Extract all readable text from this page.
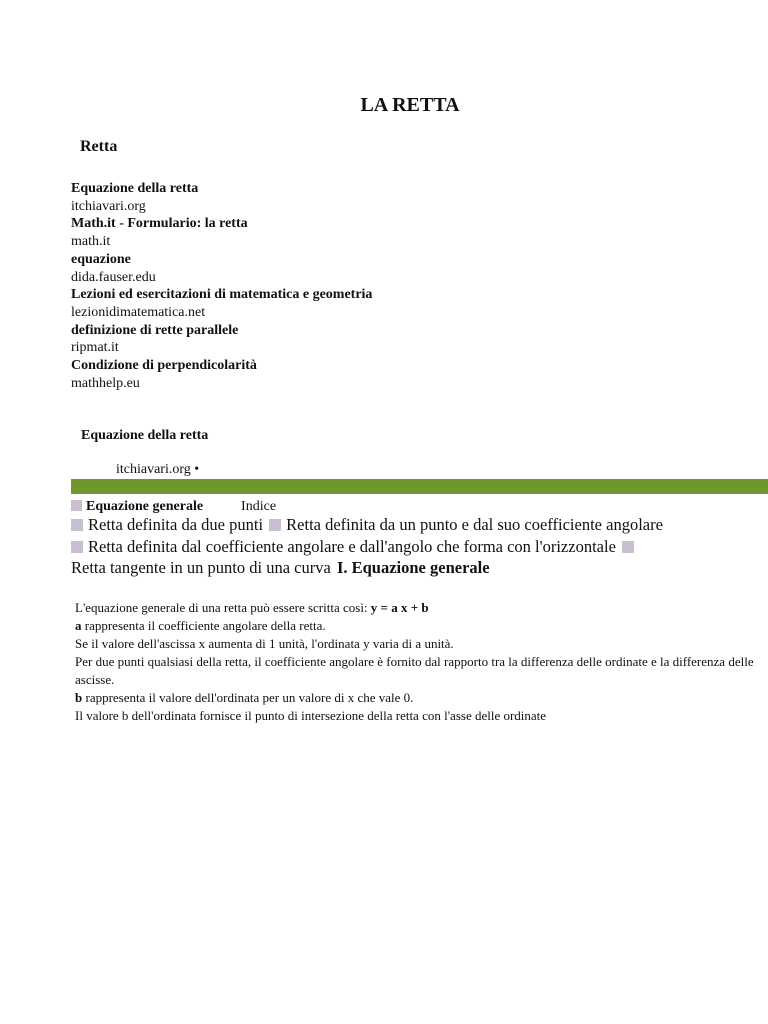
LA RETTA
Retta
Equazione della retta
itchiavari.org
Math.it - Formulario: la retta
math.it
equazione
dida.fauser.edu
Lezioni ed esercitazioni di matematica e geometria
lezionidimatematica.net
definizione di rette parallele
ripmat.it
Condizione di perpendicolarità
mathhelp.eu
Equazione della retta
itchiavari.org •
Equazione generale	Indice
Retta definita da due punti Retta definita da un punto e dal suo coefficiente angolare Retta definita dal coefficiente angolare e dall'angolo che forma con l'orizzontale Retta tangente in un punto di una curva I. Equazione generale
L'equazione generale di una retta può essere scritta così: y = a x + b
a rappresenta il coefficiente angolare della retta.
Se il valore dell'ascissa x aumenta di 1 unità, l'ordinata y varia di a unità.
Per due punti qualsiasi della retta, il coefficiente angolare è fornito dal rapporto tra la differenza delle ordinate e la differenza delle ascisse.
b rappresenta il valore dell'ordinata per un valore di x che vale 0.
Il valore b dell'ordinata fornisce il punto di intersezione della retta con l'asse delle ordinate
